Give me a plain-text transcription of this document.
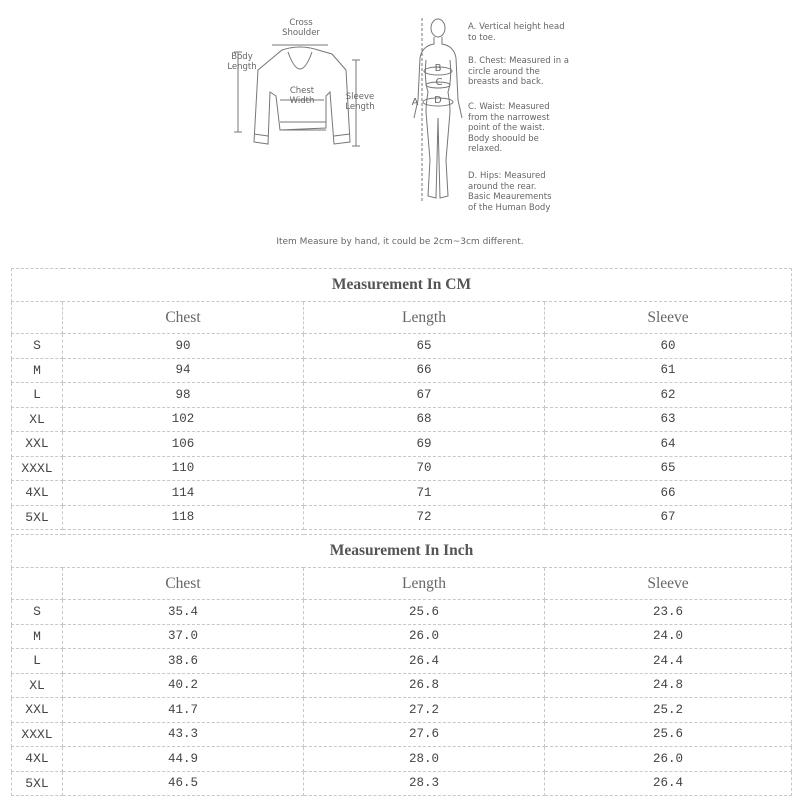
Cross
Shoulder
Body
Length
Chest
Width	Sleeve
Length	A
B
C
D
A. Vertical height head
to toe.
B. Chest: Measured in a
circle around the
breasts and back.
C. Waist: Measured
from the narrowest
point of the waist.
Body shoould be
relaxed.
D. Hips: Measured
around the rear.
Basic Meaurements
of the Human Body
Item Measure by hand, it could be 2cm~3cm different.
Measurement In CM			
	Chest	Length	Sleeve
S	90	65	60
M	94	66	61
L	98	67	62
XL	102	68	63
XXL	106	69	64
XXXL	110	70	65
4XL	114	71	66
5XL	118	72	67
Measurement In Inch			
	Chest	Length	Sleeve
S	35.4	25.6	23.6
M	37.0	26.0	24.0
L	38.6	26.4	24.4
XL	40.2	26.8	24.8
XXL	41.7	27.2	25.2
XXXL	43.3	27.6	25.6
4XL	44.9	28.0	26.0
5XL	46.5	28.3	26.4
